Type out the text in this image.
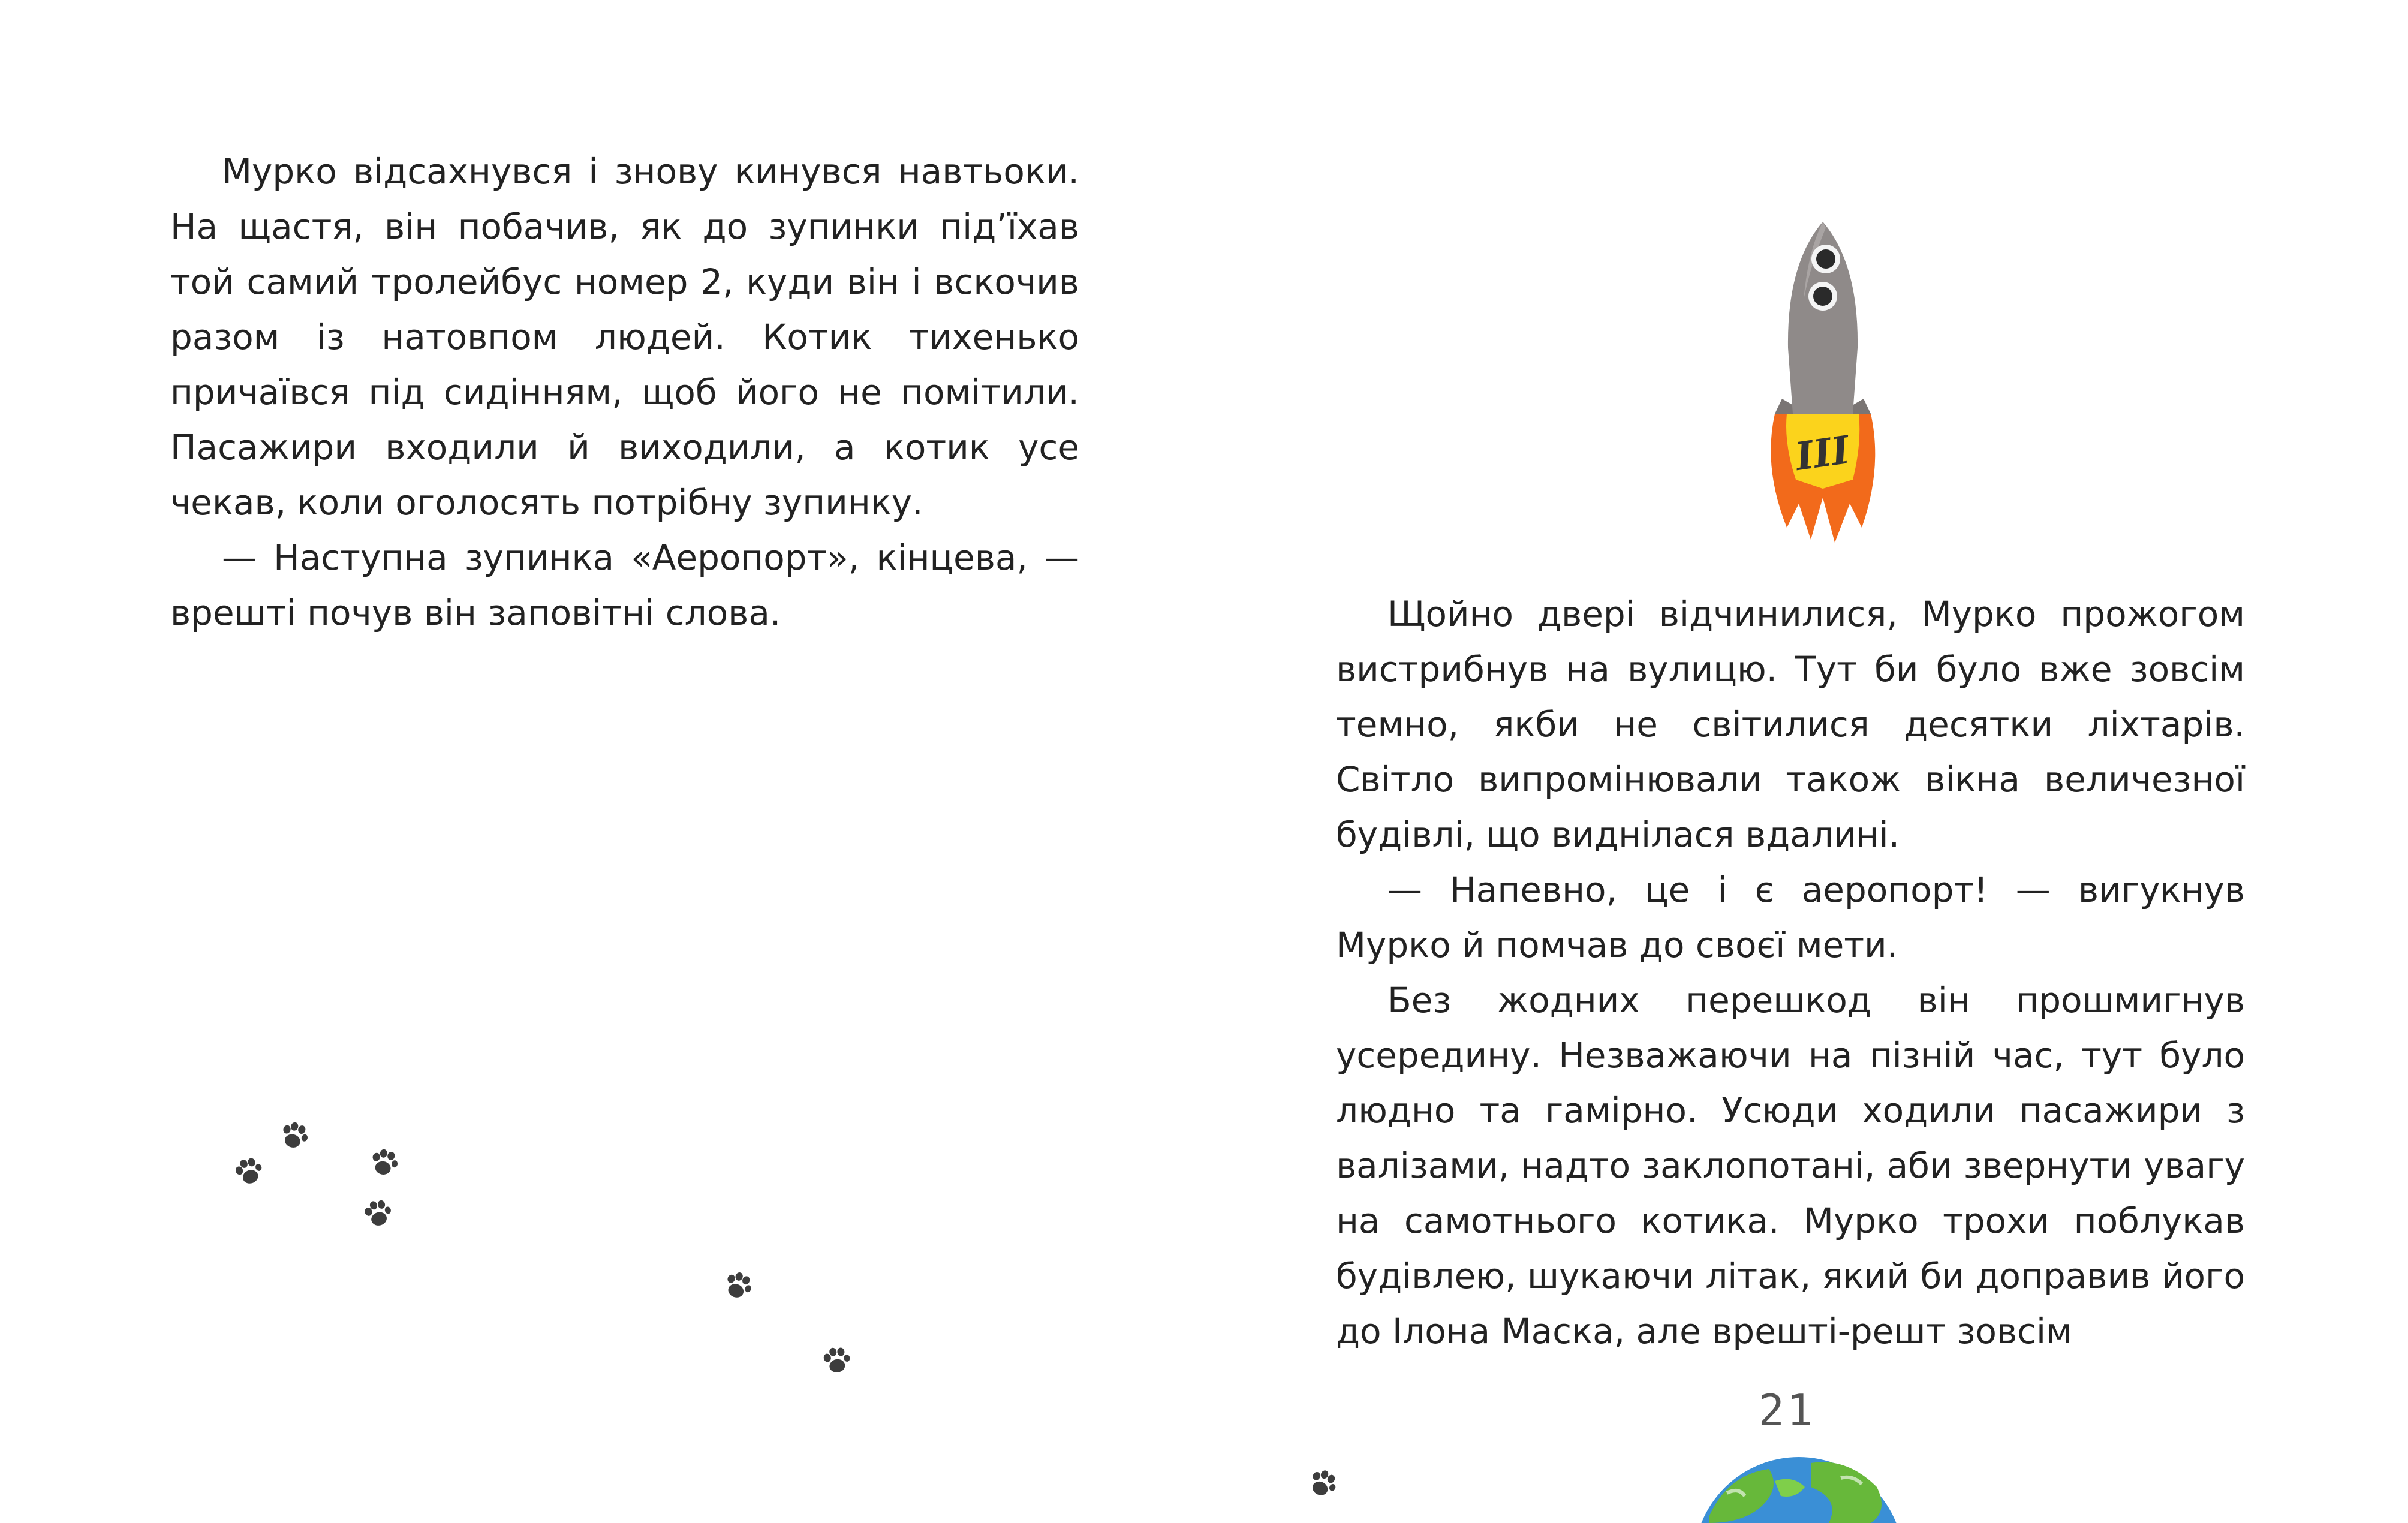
Мурко відсахнувся і знову кинувся навтьоки. На щастя, він побачив, як до зупинки під’їхав той самий тролейбус номер 2, куди він і вскочив разом із натовпом людей. Котик тихенько причаївся під сидінням, щоб його не помітили. Пасажири входили й виходили, а котик усе чекав, коли оголосять потрібну зупинку.

— Наступна зупинка «Аеропорт», кінцева, — врешті почув він заповітні слова.	Щойно двері відчинилися, Мурко прожогом вистрибнув на вулицю. Тут би було вже зовсім темно, якби не світилися десятки ліхтарів. Світло випромінювали також вікна величезної будівлі, що виднілася вдалині.

— Напевно, це і є аеропорт! — вигукнув Мурко й помчав до своєї мети.

Без жодних перешкод він прошмигнув усередину. Незважаючи на пізній час, тут було людно та гамірно. Усюди ходили пасажири з валізами, надто заклопотані, аби звернути увагу на самотнього котика. Мурко трохи поблукав будівлею, шукаючи літак, який би доправив його до Ілона Маска, але врешті-решт зовсім

III
21
